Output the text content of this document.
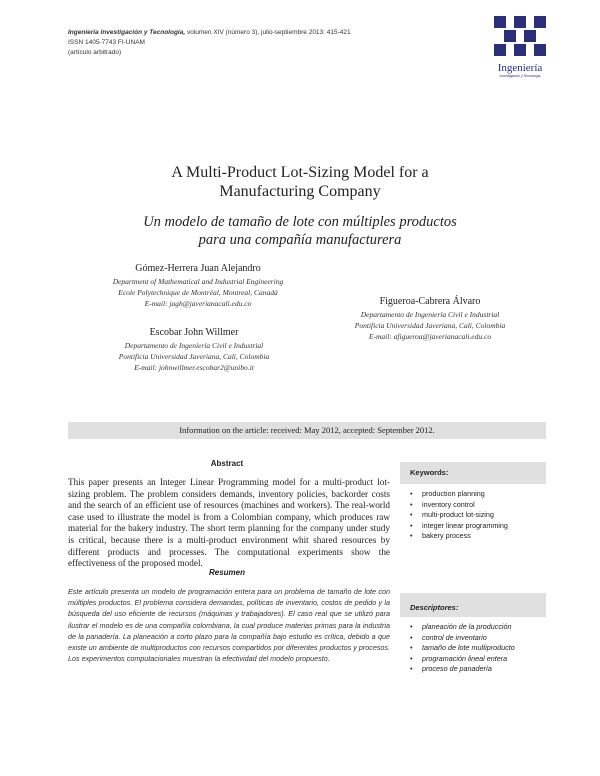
Ingeniería Investigación y Tecnología, volumen XIV (número 3), julio-septiembre 2013: 415-421
ISSN 1405-7743 FI-UNAM
(artículo arbitrado)
Ingeniería
Investigación y Tecnología
A Multi-Product Lot-Sizing Model for a
Manufacturing Company
Un modelo de tamaño de lote con múltiples productos
para una compañía manufacturera
Gómez-Herrera Juan Alejandro
Department of Mathematical and Industrial Engineering
Ecole Polytechnique de Montréal, Montreal, Canadá
E-mail: jagh@javerianacali.edu.co
Escobar John Willmer
Departamento de Ingeniería Civil e Industrial
Pontificia Universidad Javeriana, Cali, Colombia
E-mail: johnwillmer.escobar2@unibo.it
Figueroa-Cabrera Álvaro
Departamento de Ingeniería Civil e Industrial
Pontificia Universidad Javeriana, Cali, Colombia
E-mail: afigueroa@javerianacali.edu.co
Information on the article: received: May 2012, accepted: September 2012.
Abstract
This paper presents an Integer Linear Programming model for a multi-product lot-sizing problem. The problem considers demands, inventory policies, backorder costs and the search of an efficient use of resources (machines and workers). The real-world case used to illustrate the model is from a Colombian company, which produces raw material for the bakery industry. The short term planning for the company under study is critical, because there is a multi-product environment whit shared resources by different products and processes. The computational experiments show the effectiveness of the proposed model.
Keywords:
• production planning
• inventory control
• multi-product lot-sizing
• integer linear programming
• bakery process
Resumen
Este artículo presenta un modelo de programación entera para un problema de tamaño de lote con múltiples productos. El problema considera demandas, políticas de inventario, costos de pedido y la búsqueda del uso eficiente de recursos (máquinas y trabajadores). El caso real que se utilizó para ilustrar el modelo es de una compañía colombiana, la cual produce materias primas para la industria de la panadería. La planeación a corto plazo para la compañía bajo estudio es crítica, debido a que existe un ambiente de multiproductos con recursos compartidos por diferentes productos y procesos. Los experimentos computacionales muestran la efectividad del modelo propuesto.
Descriptores:
• planeación de la producción
• control de inventario
• tamaño de lote multiproducto
• programación lineal entera
• proceso de panadería
